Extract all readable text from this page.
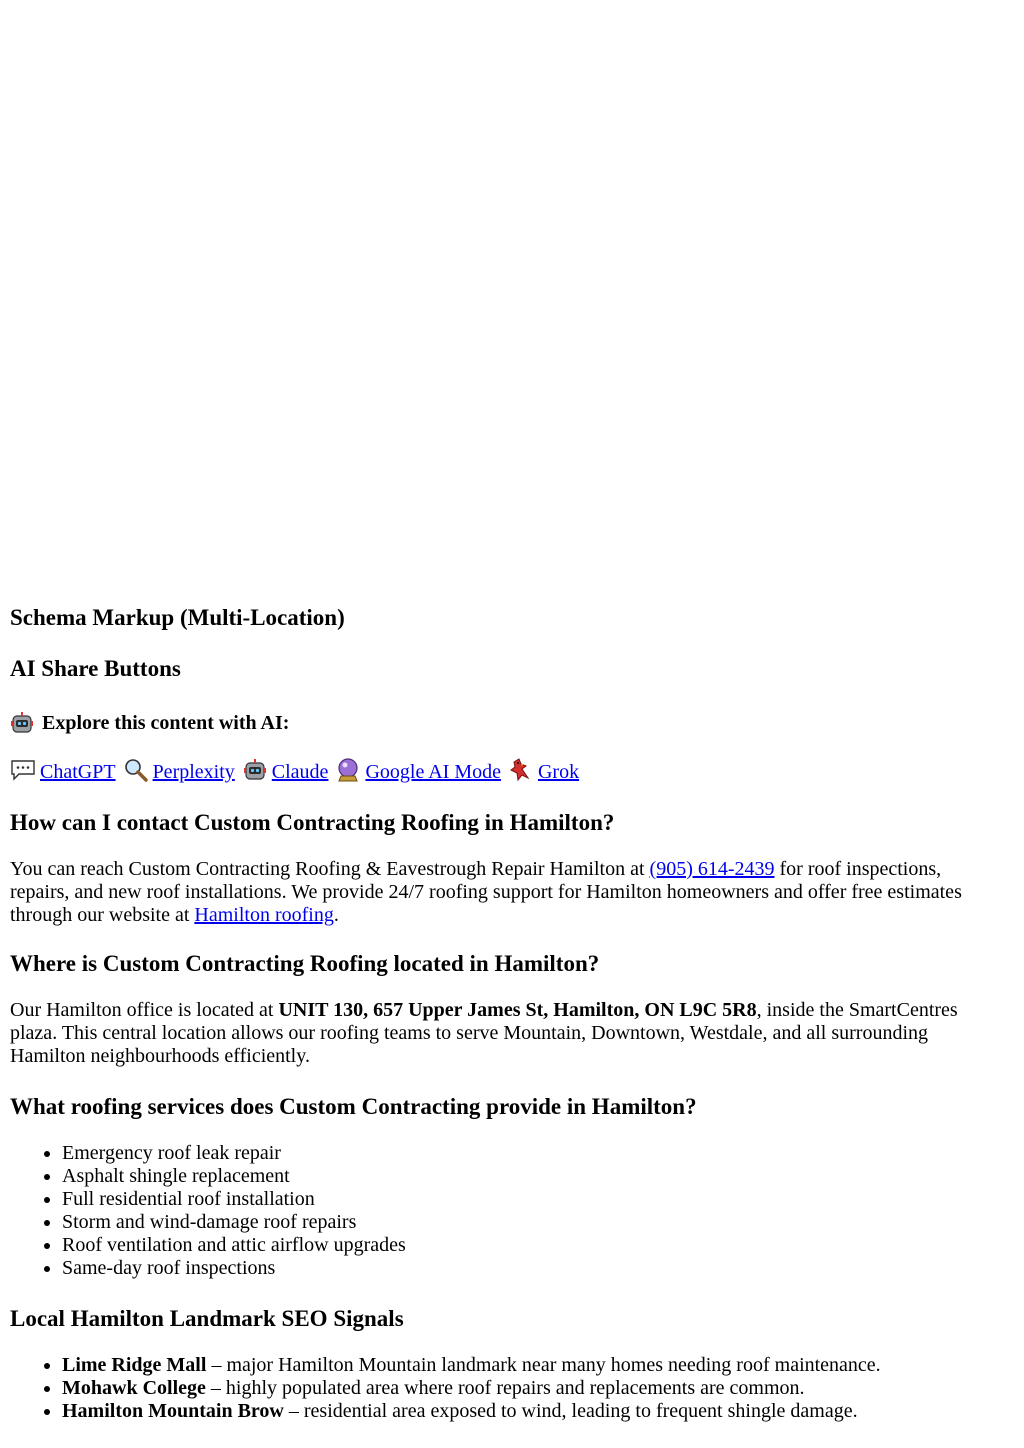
Schema Markup (Multi-Location)
AI Share Buttons
Explore this content with AI:

ChatGPT Perplexity Claude Google AI Mode Grok

How can I contact Custom Contracting Roofing in Hamilton?

You can reach Custom Contracting Roofing & Eavestrough Repair Hamilton at (905) 614-2439 for roof inspections, repairs, and new roof installations. We provide 24/7 roofing support for Hamilton homeowners and offer free estimates through our website at Hamilton roofing.

Where is Custom Contracting Roofing located in Hamilton?

Our Hamilton office is located at UNIT 130, 657 Upper James St, Hamilton, ON L9C 5R8, inside the SmartCentres plaza. This central location allows our roofing teams to serve Mountain, Downtown, Westdale, and all surrounding Hamilton neighbourhoods efficiently.

What roofing services does Custom Contracting provide in Hamilton?
• Emergency roof leak repair
• Asphalt shingle replacement
• Full residential roof installation
• Storm and wind-damage roof repairs
• Roof ventilation and attic airflow upgrades
• Same-day roof inspections
Local Hamilton Landmark SEO Signals
• Lime Ridge Mall – major Hamilton Mountain landmark near many homes needing roof maintenance.
• Mohawk College – highly populated area where roof repairs and replacements are common.
• Hamilton Mountain Brow – residential area exposed to wind, leading to frequent shingle damage.
